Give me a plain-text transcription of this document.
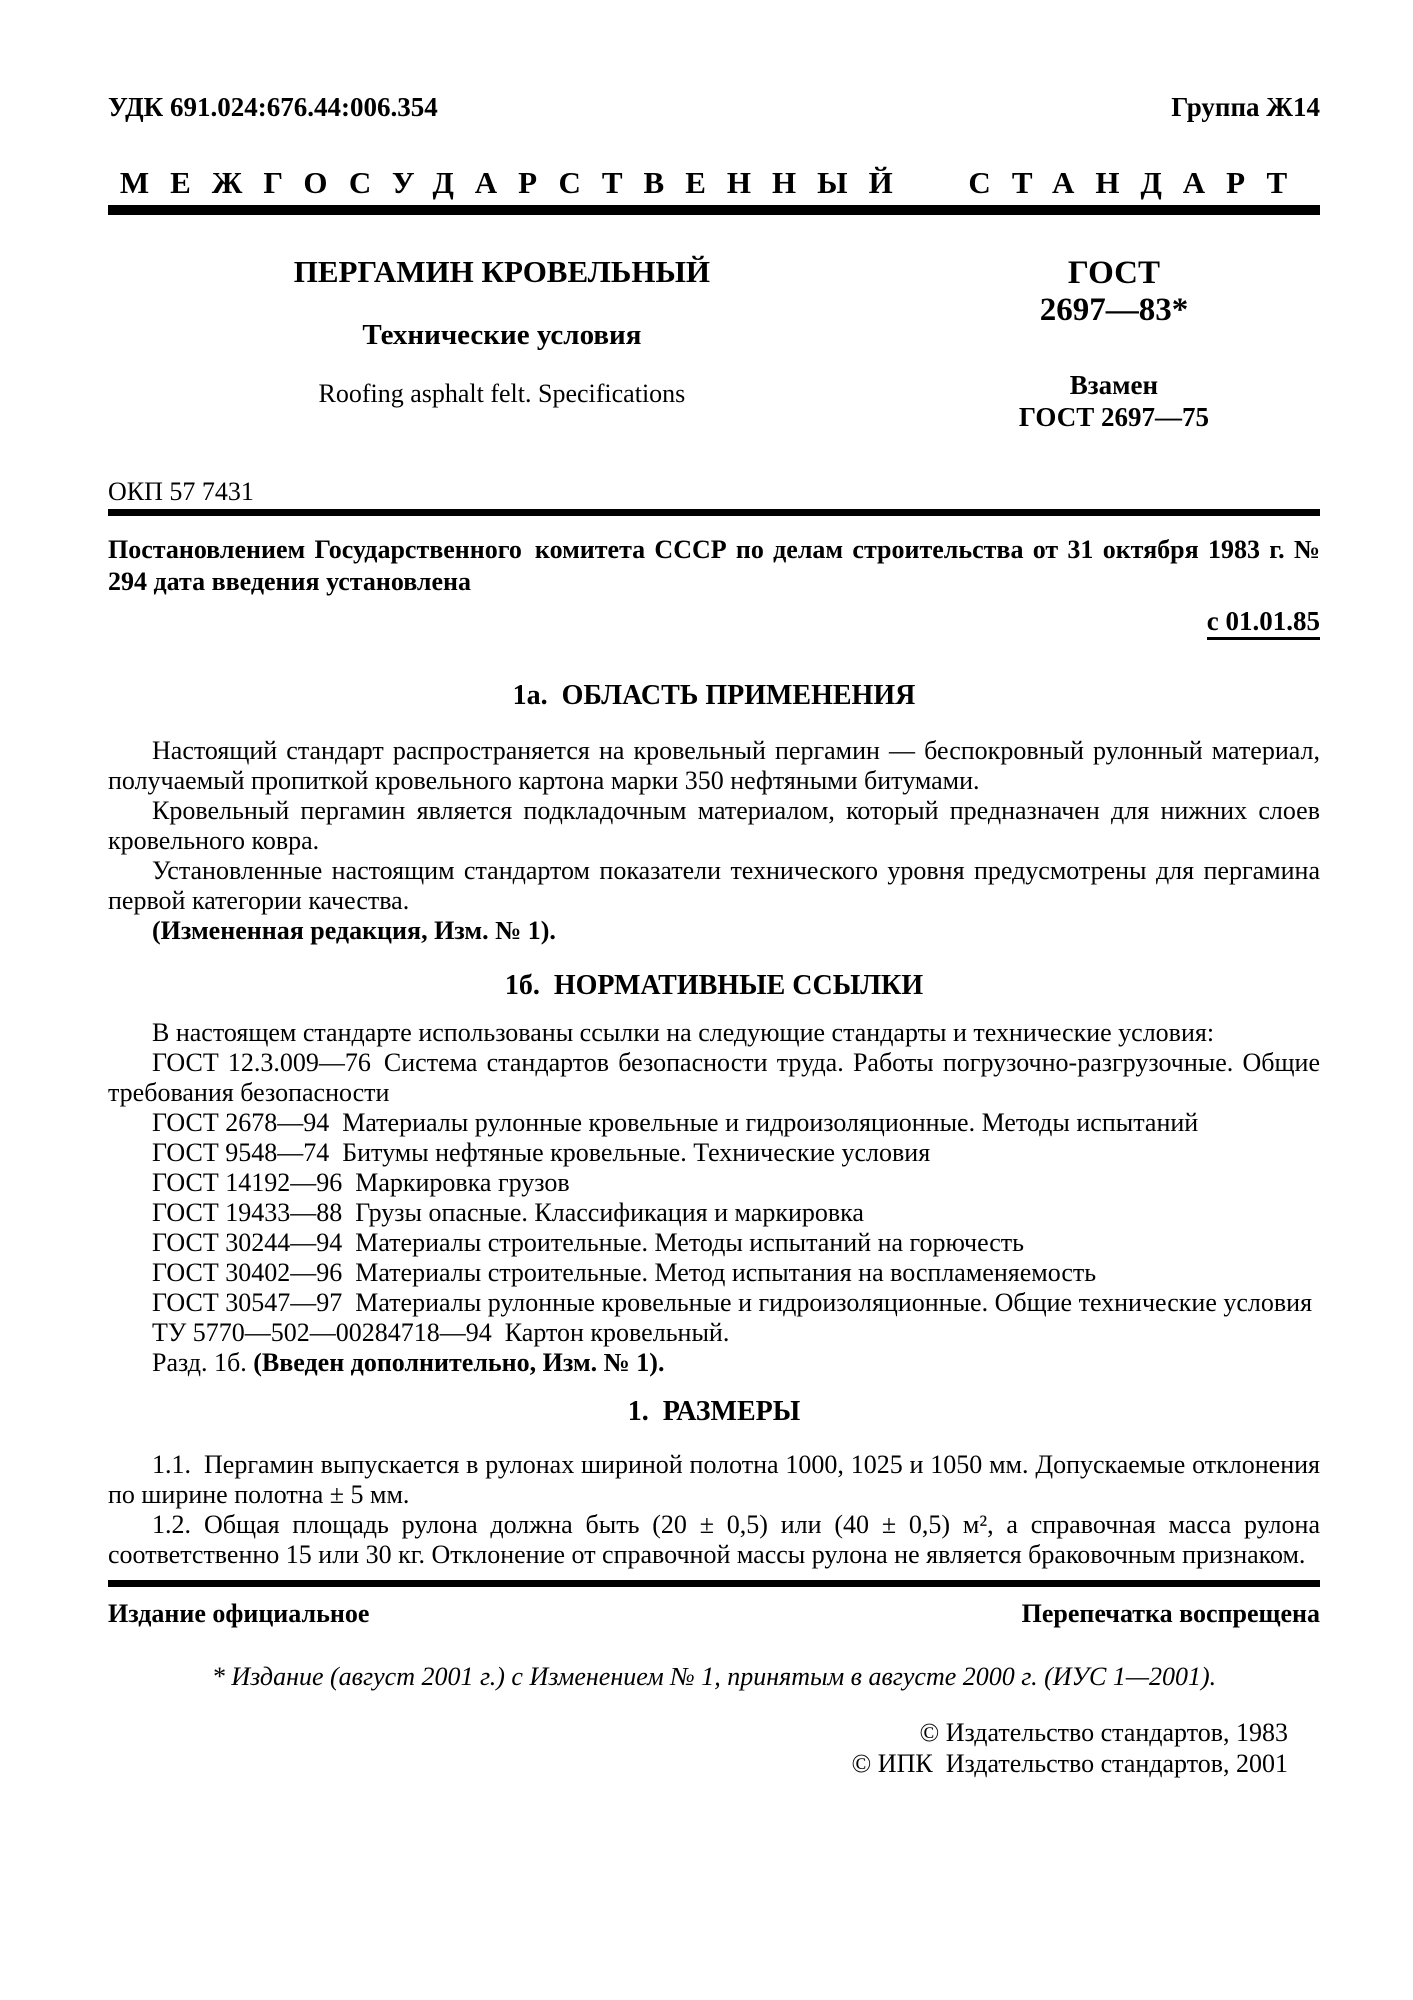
УДК 691.024:676.44:006.354	Группа Ж14
МЕЖГОСУДАРСТВЕННЫЙ СТАНДАРТ
ПЕРГАМИН КРОВЕЛЬНЫЙ
Технические условия
Roofing asphalt felt. Specifications
ГОСТ
2697—83*
Взамен
ГОСТ 2697—75
ОКП 57 7431

Постановлением Государственного комитета СССР по делам строительства от 31 октября 1983 г. № 294 дата введения установлена

с 01.01.85
1а. ОБЛАСТЬ ПРИМЕНЕНИЯ

Настоящий стандарт распространяется на кровельный пергамин — беспокровный рулонный материал, получаемый пропиткой кровельного картона марки 350 нефтяными битумами.

Кровельный пергамин является подкладочным материалом, который предназначен для нижних слоев кровельного ковра.

Установленные настоящим стандартом показатели технического уровня предусмотрены для пергамина первой категории качества.

(Измененная редакция, Изм. № 1).

1б. НОРМАТИВНЫЕ ССЫЛКИ

В настоящем стандарте использованы ссылки на следующие стандарты и технические условия:

ГОСТ 12.3.009—76 Система стандартов безопасности труда. Работы погрузочно-разгрузочные. Общие требования безопасности

ГОСТ 2678—94 Материалы рулонные кровельные и гидроизоляционные. Методы испытаний

ГОСТ 9548—74 Битумы нефтяные кровельные. Технические условия

ГОСТ 14192—96 Маркировка грузов

ГОСТ 19433—88 Грузы опасные. Классификация и маркировка

ГОСТ 30244—94 Материалы строительные. Методы испытаний на горючесть

ГОСТ 30402—96 Материалы строительные. Метод испытания на воспламеняемость

ГОСТ 30547—97 Материалы рулонные кровельные и гидроизоляционные. Общие технические условия

ТУ 5770—502—00284718—94 Картон кровельный.

Разд. 1б. (Введен дополнительно, Изм. № 1).

1. РАЗМЕРЫ

1.1. Пергамин выпускается в рулонах шириной полотна 1000, 1025 и 1050 мм. Допускаемые отклонения по ширине полотна ± 5 мм.

1.2. Общая площадь рулона должна быть (20 ± 0,5) или (40 ± 0,5) м², а справочная масса рулона соответственно 15 или 30 кг. Отклонение от справочной массы рулона не является браковочным признаком.

Издание официальное	Перепечатка воспрещена
* Издание (август 2001 г.) с Изменением № 1, принятым в августе 2000 г. (ИУС 1—2001).
© Издательство стандартов, 1983
© ИПК Издательство стандартов, 2001
